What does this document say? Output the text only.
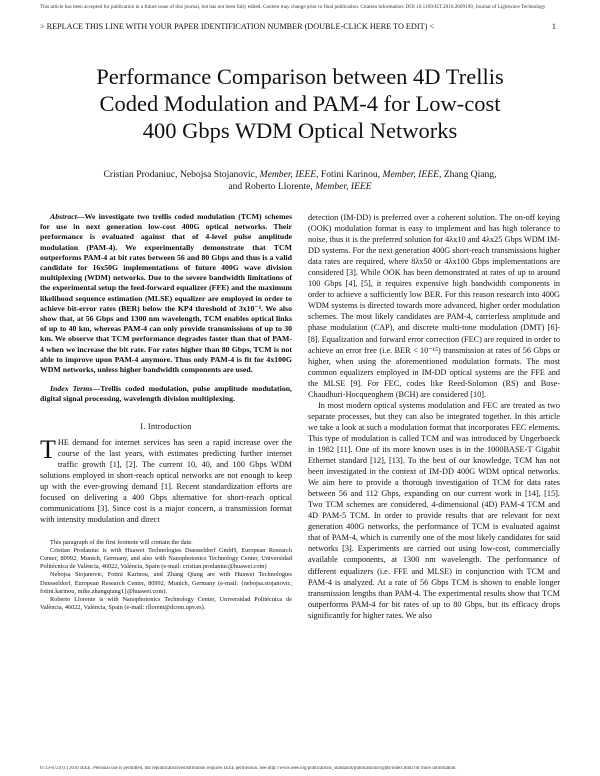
This article has been accepted for publication in a future issue of this journal, but has not been fully edited. Content may change prior to final publication. Citation information: DOI 10.1109/JLT.2016.2609199, Journal of Lightwave Technology
> REPLACE THIS LINE WITH YOUR PAPER IDENTIFICATION NUMBER (DOUBLE-CLICK HERE TO EDIT) <	1
Performance Comparison between 4D Trellis
Coded Modulation and PAM-4 for Low-cost
400 Gbps WDM Optical Networks
Cristian Prodaniuc, Nebojsa Stojanovic, Member, IEEE, Fotini Karinou, Member, IEEE, Zhang Qiang,
and Roberto Llorente, Member, IEEE

Abstract—We investigate two trellis coded modulation (TCM) schemes for use in next generation low-cost 400G optical networks. Their performance is evaluated against that of 4-level pulse amplitude modulation (PAM-4). We experimentally demonstrate that TCM outperforms PAM-4 at bit rates between 56 and 80 Gbps and thus is a valid candidate for 16x50G implementations of future 400G wave division multiplexing (WDM) networks. Due to the severe bandwidth limitations of the experimental setup the feed-forward equalizer (FFE) and the maximum likelihood sequence estimation (MLSE) equalizer are employed in order to achieve bit-error rates (BER) below the KP4 threshold of 3x10⁻⁴. We also show that, at 56 Gbps and 1300 nm wavelength, TCM enables optical links of up to 40 km, whereas PAM-4 can only provide transmissions of up to 30 km. We observe that TCM performance degrades faster than that of PAM-4 when we increase the bit rate. For rates higher than 80 Gbps, TCM is not able to improve upon PAM-4 anymore. Thus only PAM-4 is fit for 4x100G WDM networks, unless higher bandwidth components are used.

Index Terms—Trellis coded modulation, pulse amplitude modulation, digital signal processing, wavelength division multiplexing.

I. Introduction

THE demand for internet services has seen a rapid increase over the course of the last years, with estimates predicting further internet traffic growth [1], [2]. The current 10, 40, and 100 Gbps WDM solutions employed in short-reach optical networks are not enough to keep up with the ever-growing demand [1]. Recent standardization efforts are focused on delivering a 400 Gbps alternative for short-reach optical communications [3]. Since cost is a major concern, a transmission format with intensity modulation and direct

This paragraph of the first footnote will contain the date.

Cristian Prodaniuc is with Huawei Technologies Duesseldorf GmbH, European Research Center, 80992, Munich, Germany, and also with Nanophotonics Technology Center, Universidad Politécnica de València, 46022, València, Spain (e-mail: cristian.prodaniuc@huawei.com)

Nebojsa Stojanovic, Fotini Karinou, and Zhang Qiang are with Huawei Technologies Duesseldorf, European Research Center, 80992, Munich, Germany (e-mail: {nebojsa.stojanovic, fotini.karinou, mike.zhangqiang1}@huawei.com).

Roberto Llorente is with Nanophotonics Technology Center, Universidad Politécnica de València, 46022, València, Spain (e-mail: rllorent@dcom.upv.es).

detection (IM-DD) is preferred over a coherent solution. The on-off keying (OOK) modulation format is easy to implement and has high tolerance to noise, thus it is the preferred solution for 4λx10 and 4λx25 Gbps WDM IM-DD systems. For the next generation 400G short-reach transmissions higher data rates are required, where 8λx50 or 4λx100 Gbps implementations are considered [3]. While OOK has been demonstrated at rates of up to around 100 Gbps [4], [5], it requires expensive high bandwidth components in order to achieve a sufficiently low BER. For this reason research into 400G WDM systems is directed towards more advanced, higher order modulation schemes. The most likely candidates are PAM-4, carrierless amplitude and phase modulation (CAP), and discrete multi-tone modulation (DMT) [6]-[8]. Equalization and forward error correction (FEC) are required in order to achieve an error free (i.e. BER < 10⁻¹⁵) transmission at rates of 56 Gbps or higher, when using the aforementioned modulation formats. The most common equalizers employed in IM-DD optical systems are the FFE and the MLSE [9]. For FEC, codes like Reed-Solomon (RS) and Bose-Chaudhuri-Hocquenghem (BCH) are considered [10].

In most modern optical systems modulation and FEC are treated as two separate processes, but they can also be integrated together. In this article we take a look at such a modulation format that incorporates FEC elements. This type of modulation is called TCM and was introduced by Ungerboeck in 1982 [11]. One of its more known uses is in the 1000BASE-T Gigabit Ethernet standard [12], [13]. To the best of our knowledge, TCM has not been investigated in the context of IM-DD 400G WDM optical networks. We aim here to provide a thorough investigation of TCM for data rates between 56 and 112 Gbps, expanding on our current work in [14], [15]. Two TCM schemes are considered, 4-dimensional (4D) PAM-4 TCM and 4D PAM-5 TCM. In order to provide results that are relevant for next generation 400G networks, the performance of TCM is evaluated against that of PAM-4, which is currently one of the most likely candidates for said networks [3]. Experiments are carried out using low-cost, commercially available components, at 1300 nm wavelength. The performance of different equalizers (i.e. FFE and MLSE) in conjunction with TCM and PAM-4 is analyzed. At a rate of 56 Gbps TCM is shown to enable longer transmission lengths than PAM-4. The experimental results show that TCM outperforms PAM-4 for bit rates of up to 80 Gbps, but its efficacy drops significantly for higher rates. We also

0733-8724 (c) 2016 IEEE. Personal use is permitted, but republication/redistribution requires IEEE permission. See http://www.ieee.org/publications_standards/publications/rights/index.html for more information.
